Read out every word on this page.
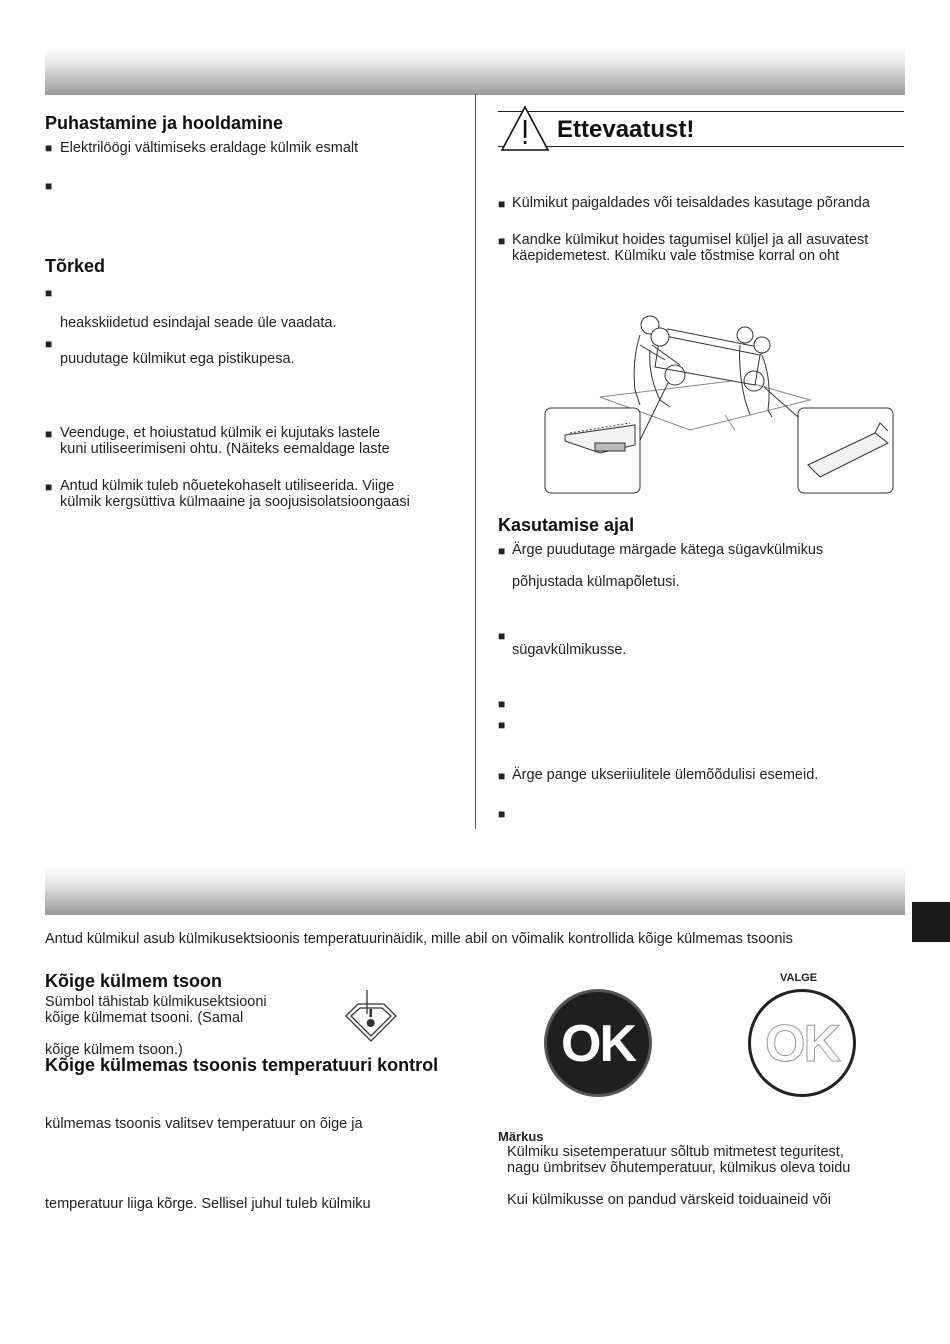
Puhastamine ja hooldamine
■ Elektrilöögi vältimiseks eraldage külmik esmalt
■
Tõrked
■
heakskiidetud esindajal seade üle vaadata.
■
puudutage külmikut ega pistikupesa.
■ Veenduge, et hoiustatud külmik ei kujutaks lastele
kuni utiliseerimiseni ohtu. (Näiteks eemaldage laste
■ Antud külmik tuleb nõuetekohaselt utiliseerida. Viige
külmik kergsüttiva külmaaine ja soojusisolatsioongaasi
Ettevaatust!
■ Külmikut paigaldades või teisaldades kasutage põranda
■ Kandke külmikut hoides tagumisel küljel ja all asuvatest
käepidemetest. Külmiku vale tõstmise korral on oht
Kasutamise ajal
■ Ärge puudutage märgade kätega sügavkülmikus
põhjustada külmapõletusi.
■
sügavkülmikusse.
■
■
■ Ärge pange ukseriiulitele ülemõõdulisi esemeid.
■
Antud külmikul asub külmikusektsioonis temperatuurinäidik, mille abil on võimalik kontrollida kõige külmemas tsoonis
Kõige külmem tsoon
Sümbol tähistab külmikusektsiooni
kõige külmemat tsooni. (Samal
kõige külmem tsoon.)
Kõige külmemas tsoonis temperatuuri kontrol
külmemas tsoonis valitsev temperatuur on õige ja
temperatuur liiga kõrge. Sellisel juhul tuleb külmiku
VALGE
OK	OK
Märkus
Külmiku sisetemperatuur sõltub mitmetest teguritest,
nagu ümbritsev õhutemperatuur, külmikus oleva toidu
Kui külmikusse on pandud värskeid toiduaineid või
